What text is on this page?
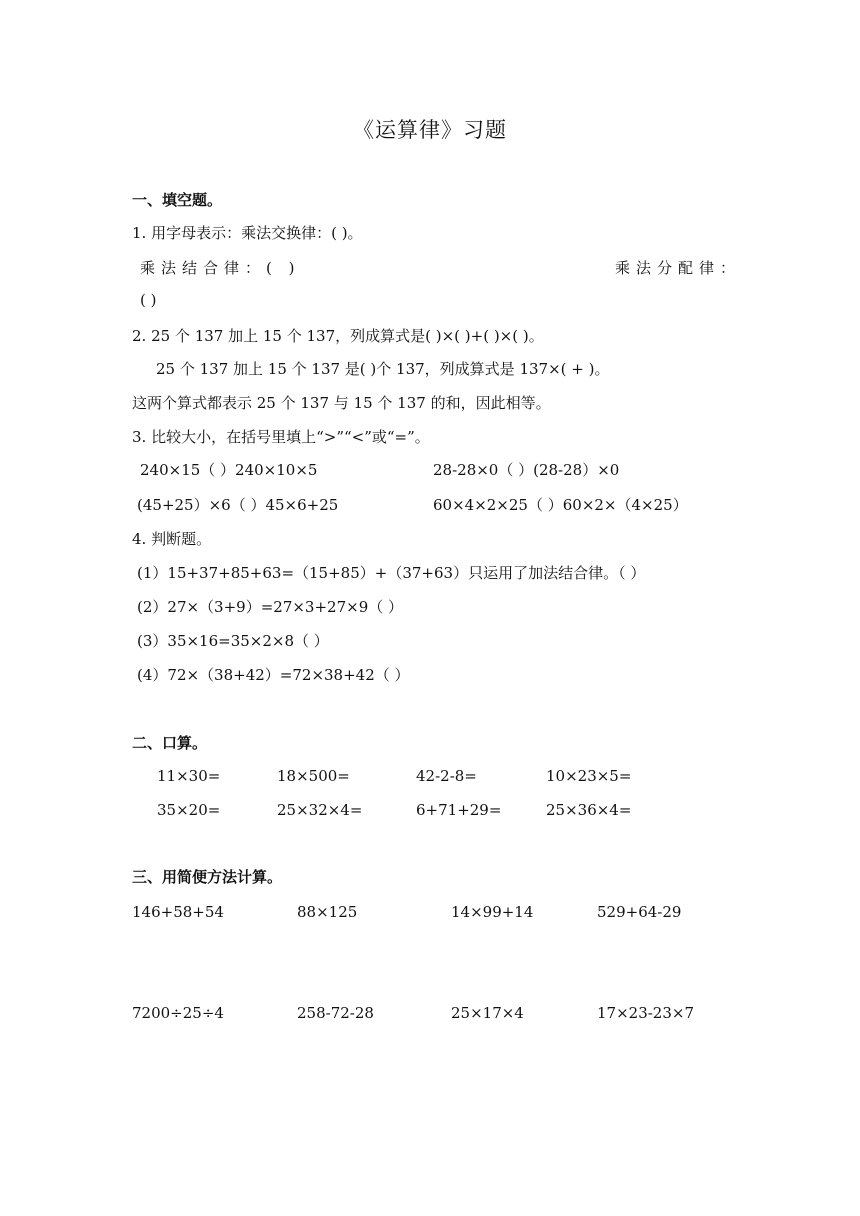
《运算律》习题
一、填空题。
1. 用字母表示：乘法交换律：( )。
乘法结合律：( )	乘法分配律：
( )
2. 25 个 137 加上 15 个 137，列成算式是( )×( )+( )×( )。
25 个 137 加上 15 个 137 是( )个 137，列成算式是 137×( + )。
这两个算式都表示 25 个 137 与 15 个 137 的和，因此相等。
3. 比较大小，在括号里填上“>”“<”或“=”。
240×15（ ）240×10×5	28-28×0（ ）(28-28）×0
(45+25）×6（ ）45×6+25	60×4×2×25（ ）60×2×（4×25）
4. 判断题。
(1）15+37+85+63=（15+85）+（37+63）只运用了加法结合律。（ ）
(2）27×（3+9）=27×3+27×9（ ）
(3）35×16=35×2×8（ ）
(4）72×（38+42）=72×38+42（ ）
二、口算。
11×30=	18×500=	42-2-8=	10×23×5=
35×20=	25×32×4=	6+71+29=	25×36×4=
三、用简便方法计算。
146+58+54	88×125	14×99+14	529+64-29
7200÷25÷4	258-72-28	25×17×4	17×23-23×7
